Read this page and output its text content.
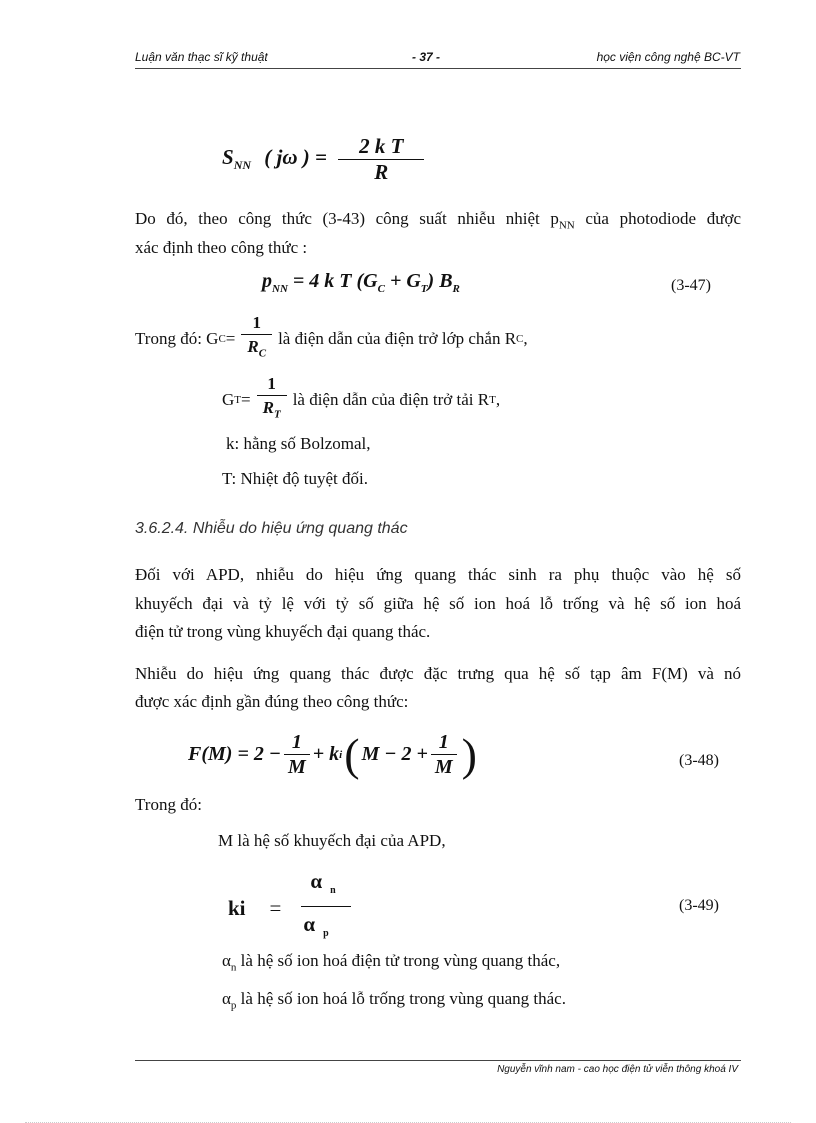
Luận văn thạc sĩ kỹ thuật	- 37 -	học viện công nghệ BC-VT
$S_{NN}$ ( jω ) = $\frac{\text{2 k T}}{R}$
Do đó, theo công thức (3-43) công suất nhiễu nhiệt $p_{NN}$ của photodiode được
xác định theo công thức :
$p_{NN} = 4$ k T $(G_C + G_T)$ $B_R$	(3-47)
Trong đó: G $C = \frac{1}{R_C}$ là điện dẫn của điện trở lớp chắn R C ,
G $T = \frac{1}{R_T}$ là điện dẫn của điện trở tải R T ,
k: hằng số Bolzomal,
T: Nhiệt độ tuyệt đối.
3.6.2.4. Nhiễu do hiệu ứng quang thác
Đối với APD, nhiễu do hiệu ứng quang thác sinh ra phụ thuộc vào hệ số
khuyếch đại và tỷ lệ với tỷ số giữa hệ số ion hoá lỗ trống và hệ số ion hoá
điện tử trong vùng khuyếch đại quang thác.
Nhiễu do hiệu ứng quang thác được đặc trưng qua hệ số tạp âm F(M) và nó
được xác định gần đúng theo công thức:
$F(M) = 2 - \frac{1}{M} + k$ i ( $M - 2 + \frac{1}{M}$ )	(3-48)
Trong đó:
M là hệ số khuyếch đại của APD,
ki = $\frac{\alpha _n}{\alpha _p}$	(3-49)
$\alpha_n$ là hệ số ion hoá điện tử trong vùng quang thác,
$\alpha_p$ là hệ số ion hoá lỗ trống trong vùng quang thác.
Nguyễn vĩnh nam - cao học điện tử viễn thông khoá IV
